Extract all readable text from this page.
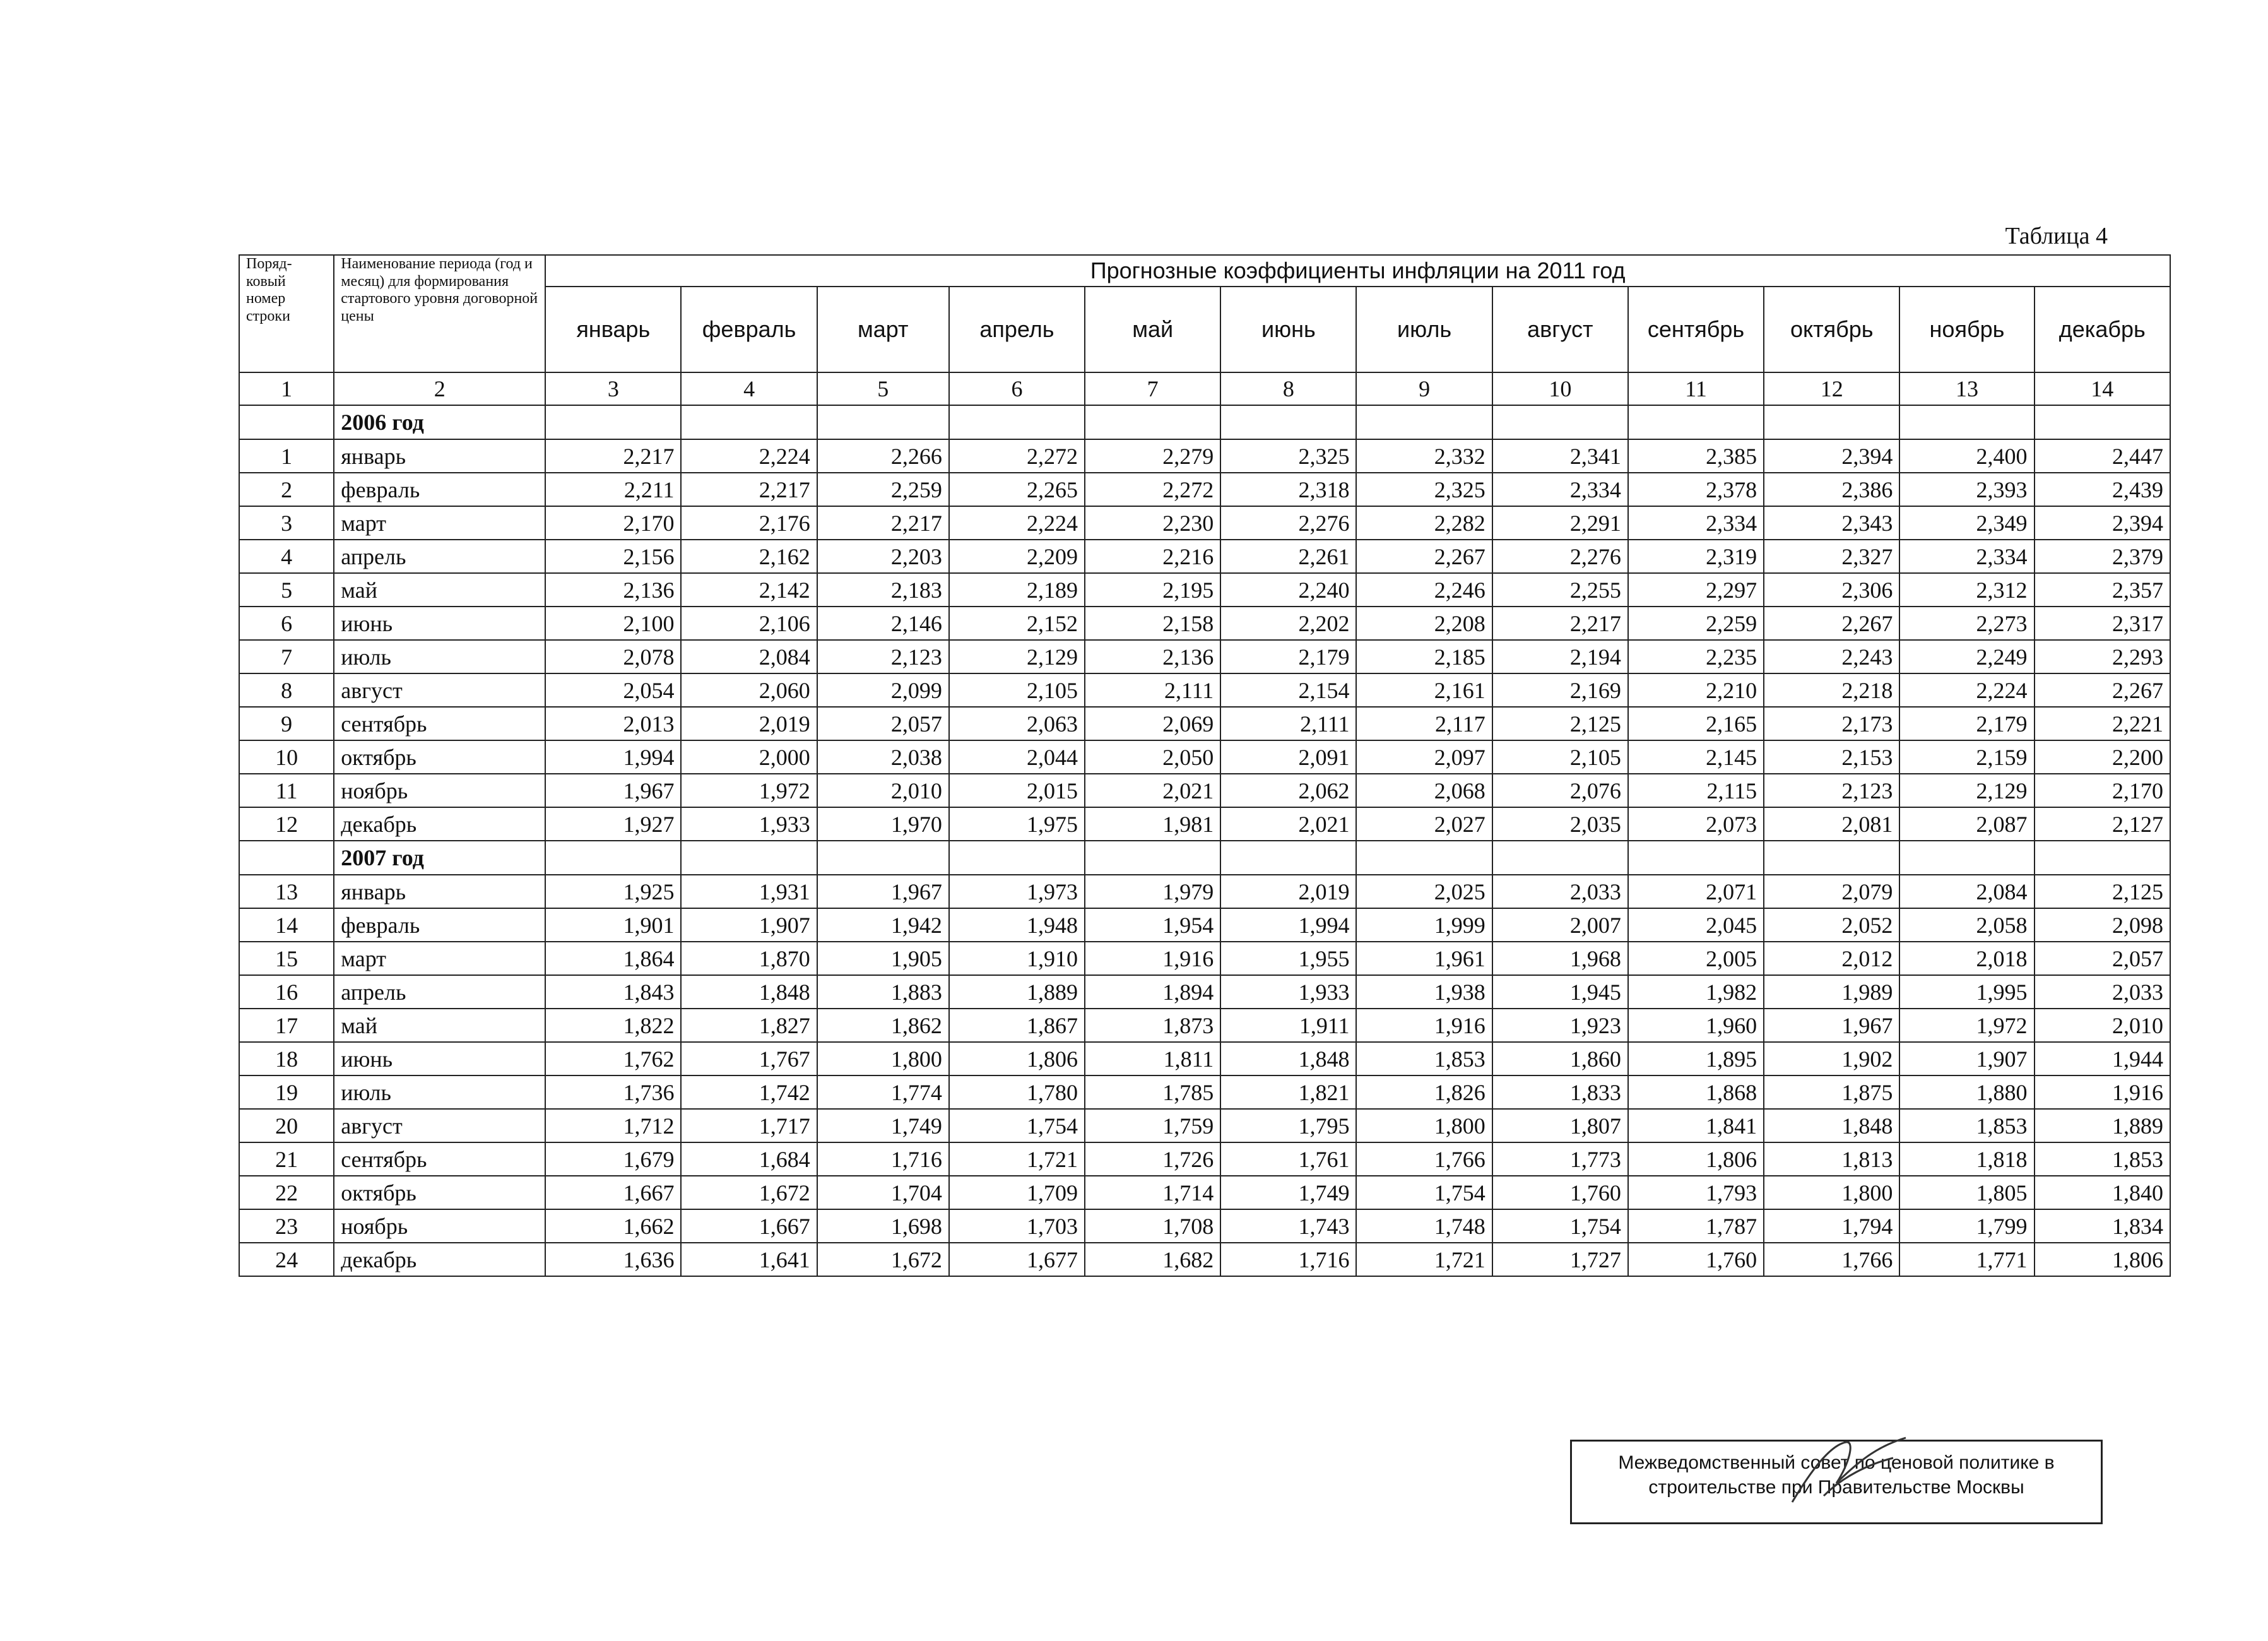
Таблица 4
Поряд-ковый номер строки	Наименование периода (год и месяц) для формирования стартового уровня договорной цены	Прогнозные коэффициенты инфляции на 2011 год											
		январь	февраль	март	апрель	май	июнь	июль	август	сентябрь	октябрь	ноябрь	декабрь
1	2	3	4	5	6	7	8	9	10	11	12	13	14
	2006 год												
1	январь	2,217	2,224	2,266	2,272	2,279	2,325	2,332	2,341	2,385	2,394	2,400	2,447
2	февраль	2,211	2,217	2,259	2,265	2,272	2,318	2,325	2,334	2,378	2,386	2,393	2,439
3	март	2,170	2,176	2,217	2,224	2,230	2,276	2,282	2,291	2,334	2,343	2,349	2,394
4	апрель	2,156	2,162	2,203	2,209	2,216	2,261	2,267	2,276	2,319	2,327	2,334	2,379
5	май	2,136	2,142	2,183	2,189	2,195	2,240	2,246	2,255	2,297	2,306	2,312	2,357
6	июнь	2,100	2,106	2,146	2,152	2,158	2,202	2,208	2,217	2,259	2,267	2,273	2,317
7	июль	2,078	2,084	2,123	2,129	2,136	2,179	2,185	2,194	2,235	2,243	2,249	2,293
8	август	2,054	2,060	2,099	2,105	2,111	2,154	2,161	2,169	2,210	2,218	2,224	2,267
9	сентябрь	2,013	2,019	2,057	2,063	2,069	2,111	2,117	2,125	2,165	2,173	2,179	2,221
10	октябрь	1,994	2,000	2,038	2,044	2,050	2,091	2,097	2,105	2,145	2,153	2,159	2,200
11	ноябрь	1,967	1,972	2,010	2,015	2,021	2,062	2,068	2,076	2,115	2,123	2,129	2,170
12	декабрь	1,927	1,933	1,970	1,975	1,981	2,021	2,027	2,035	2,073	2,081	2,087	2,127
	2007 год												
13	январь	1,925	1,931	1,967	1,973	1,979	2,019	2,025	2,033	2,071	2,079	2,084	2,125
14	февраль	1,901	1,907	1,942	1,948	1,954	1,994	1,999	2,007	2,045	2,052	2,058	2,098
15	март	1,864	1,870	1,905	1,910	1,916	1,955	1,961	1,968	2,005	2,012	2,018	2,057
16	апрель	1,843	1,848	1,883	1,889	1,894	1,933	1,938	1,945	1,982	1,989	1,995	2,033
17	май	1,822	1,827	1,862	1,867	1,873	1,911	1,916	1,923	1,960	1,967	1,972	2,010
18	июнь	1,762	1,767	1,800	1,806	1,811	1,848	1,853	1,860	1,895	1,902	1,907	1,944
19	июль	1,736	1,742	1,774	1,780	1,785	1,821	1,826	1,833	1,868	1,875	1,880	1,916
20	август	1,712	1,717	1,749	1,754	1,759	1,795	1,800	1,807	1,841	1,848	1,853	1,889
21	сентябрь	1,679	1,684	1,716	1,721	1,726	1,761	1,766	1,773	1,806	1,813	1,818	1,853
22	октябрь	1,667	1,672	1,704	1,709	1,714	1,749	1,754	1,760	1,793	1,800	1,805	1,840
23	ноябрь	1,662	1,667	1,698	1,703	1,708	1,743	1,748	1,754	1,787	1,794	1,799	1,834
24	декабрь	1,636	1,641	1,672	1,677	1,682	1,716	1,721	1,727	1,760	1,766	1,771	1,806
Межведомственный совет по ценовой политике в
строительстве при Правительстве Москвы
